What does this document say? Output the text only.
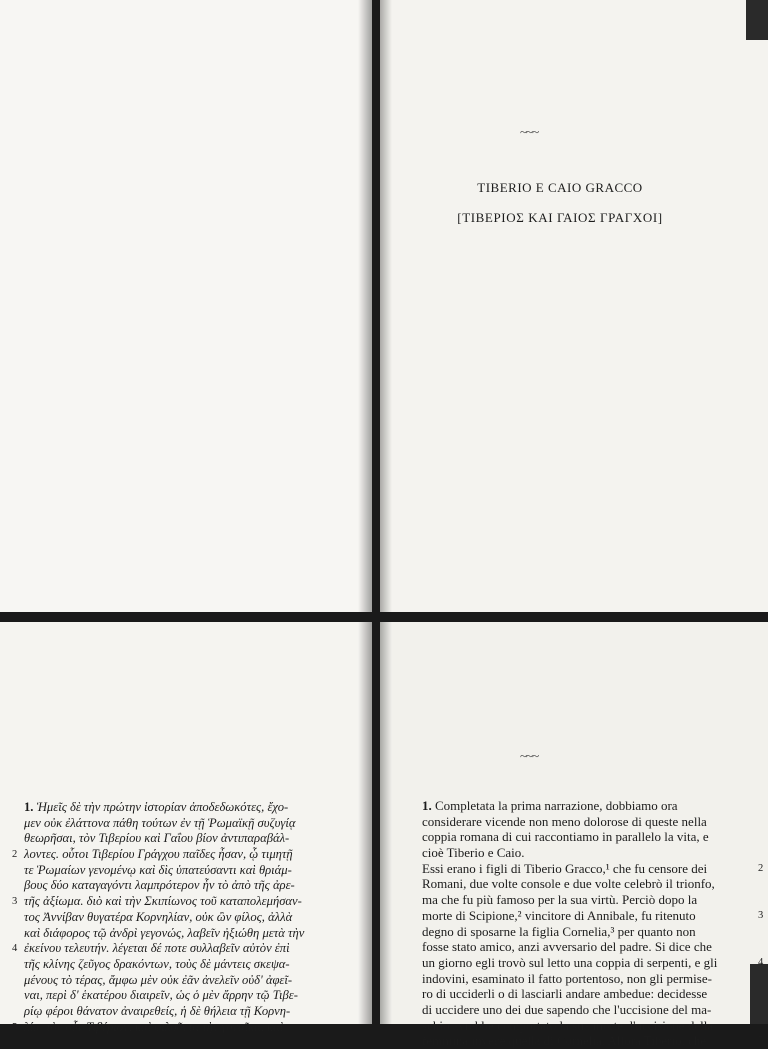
~~~
TIBERIO E CAIO GRACCO
[ΤΙΒΕΡΙΟΣ ΚΑΙ ΓΑΙΟΣ ΓΡΑΓΧΟΙ]
1. Ἡμεῖς δὲ τὴν πρώτην ἱστορίαν ἀποδεδωκότες, ἔχο-
μεν οὐκ ἐλάττονα πάθη τούτων ἐν τῇ Ῥωμαϊκῇ συζυγίᾳ
θεωρῆσαι, τὸν Τιβερίου καὶ Γαΐου βίον ἀντιπαραβάλ-
2 λοντες. οὗτοι Τιβερίου Γράγχου παῖδες ἦσαν, ᾧ τιμητῇ
τε Ῥωμαίων γενομένῳ καὶ δὶς ὑπατεύσαντι καὶ θριάμ-
βους δύο καταγαγόντι λαμπρότερον ἦν τὸ ἀπὸ τῆς ἀρε-
3 τῆς ἀξίωμα. διὸ καὶ τὴν Σκιπίωνος τοῦ καταπολεμήσαν-
τος Ἀννίβαν θυγατέρα Κορνηλίαν, οὐκ ὢν φίλος, ἀλλὰ
καὶ διάφορος τῷ ἀνδρὶ γεγονώς, λαβεῖν ἠξιώθη μετὰ τὴν
4 ἐκείνου τελευτήν. λέγεται δέ ποτε συλλαβεῖν αὐτὸν ἐπὶ
τῆς κλίνης ζεῦγος δρακόντων, τοὺς δὲ μάντεις σκεψα-
μένους τὸ τέρας, ἄμφω μὲν οὐκ ἐᾶν ἀνελεῖν οὐδ' ἀφεῖ-
ναι, περὶ δ' ἑκατέρου διαιρεῖν, ὡς ὁ μὲν ἄρρην τῷ Τιβε-
ρίῳ φέροι θάνατον ἀναιρεθείς, ἡ δὲ θήλεια τῇ Κορνη-
5 λίᾳ. τὸν οὖν Τιβέριον, καὶ φιλοῦντα τὴν γυναῖκα, καὶ
~~~
1. Completata la prima narrazione, dobbiamo ora
considerare vicende non meno dolorose di queste nella
coppia romana di cui raccontiamo in parallelo la vita, e
cioè Tiberio e Caio.
2
Essi erano i figli di Tiberio Gracco,¹ che fu censore dei
Romani, due volte console e due volte celebrò il trionfo,
ma che fu più famoso per la sua virtù. Perciò dopo la
3
morte di Scipione,² vincitore di Annibale, fu ritenuto
degno di sposarne la figlia Cornelia,³ per quanto non
fosse stato amico, anzi avversario del padre. Si dice che
4
un giorno egli trovò sul letto una coppia di serpenti, e gli
indovini, esaminato il fatto portentoso, non gli permise-
ro di ucciderli o di lasciarli andare ambedue: decidesse
di uccidere uno dei due sapendo che l'uccisione del ma-
schio avrebbe comportato la sua morte, l'uccisione della
5
femmina invece quella di Cornelia. Allora Tiberio, che
